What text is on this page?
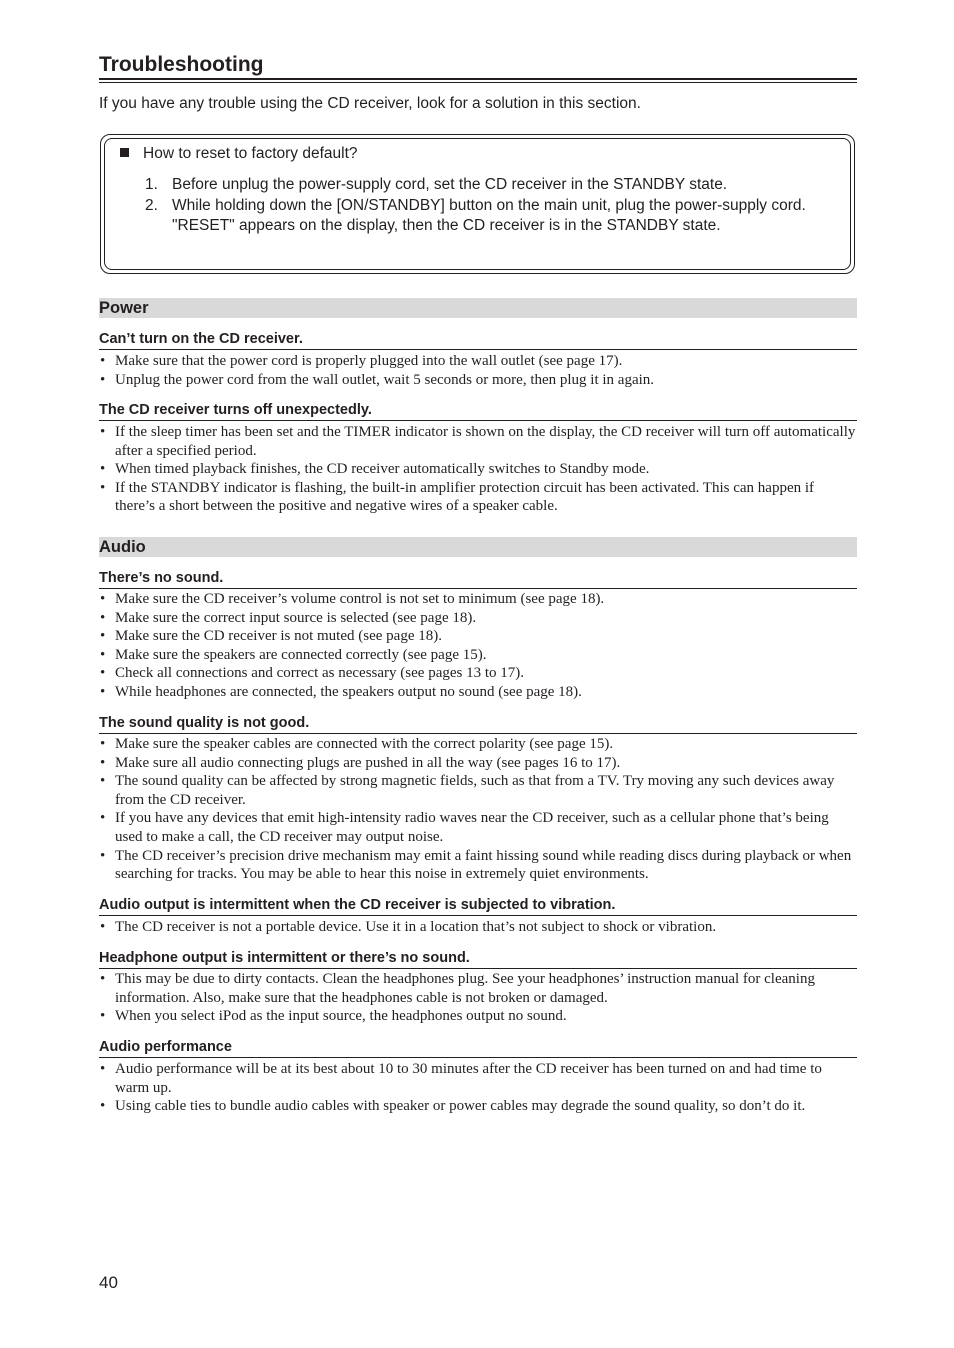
Troubleshooting

If you have any trouble using the CD receiver, look for a solution in this section.

How to reset to factory default?
1. Before unplug the power-supply cord, set the CD receiver in the STANDBY state.
2. While holding down the [ON/STANDBY] button on the main unit, plug the power-supply cord.
"RESET" appears on the display, then the CD receiver is in the STANDBY state.
Power
Can’t turn on the CD receiver.
• Make sure that the power cord is properly plugged into the wall outlet (see page 17).
• Unplug the power cord from the wall outlet, wait 5 seconds or more, then plug it in again.
The CD receiver turns off unexpectedly.
• If the sleep timer has been set and the TIMER indicator is shown on the display, the CD receiver will turn off automatically after a specified period.
• When timed playback finishes, the CD receiver automatically switches to Standby mode.
• If the STANDBY indicator is flashing, the built-in amplifier protection circuit has been activated. This can happen if there’s a short between the positive and negative wires of a speaker cable.
Audio
There’s no sound.
• Make sure the CD receiver’s volume control is not set to minimum (see page 18).
• Make sure the correct input source is selected (see page 18).
• Make sure the CD receiver is not muted (see page 18).
• Make sure the speakers are connected correctly (see page 15).
• Check all connections and correct as necessary (see pages 13 to 17).
• While headphones are connected, the speakers output no sound (see page 18).
The sound quality is not good.
• Make sure the speaker cables are connected with the correct polarity (see page 15).
• Make sure all audio connecting plugs are pushed in all the way (see pages 16 to 17).
• The sound quality can be affected by strong magnetic fields, such as that from a TV. Try moving any such devices away from the CD receiver.
• If you have any devices that emit high-intensity radio waves near the CD receiver, such as a cellular phone that’s being used to make a call, the CD receiver may output noise.
• The CD receiver’s precision drive mechanism may emit a faint hissing sound while reading discs during playback or when searching for tracks. You may be able to hear this noise in extremely quiet environments.
Audio output is intermittent when the CD receiver is subjected to vibration.
• The CD receiver is not a portable device. Use it in a location that’s not subject to shock or vibration.
Headphone output is intermittent or there’s no sound.
• This may be due to dirty contacts. Clean the headphones plug. See your headphones’ instruction manual for cleaning information. Also, make sure that the headphones cable is not broken or damaged.
• When you select iPod as the input source, the headphones output no sound.
Audio performance
• Audio performance will be at its best about 10 to 30 minutes after the CD receiver has been turned on and had time to warm up.
• Using cable ties to bundle audio cables with speaker or power cables may degrade the sound quality, so don’t do it.
40
